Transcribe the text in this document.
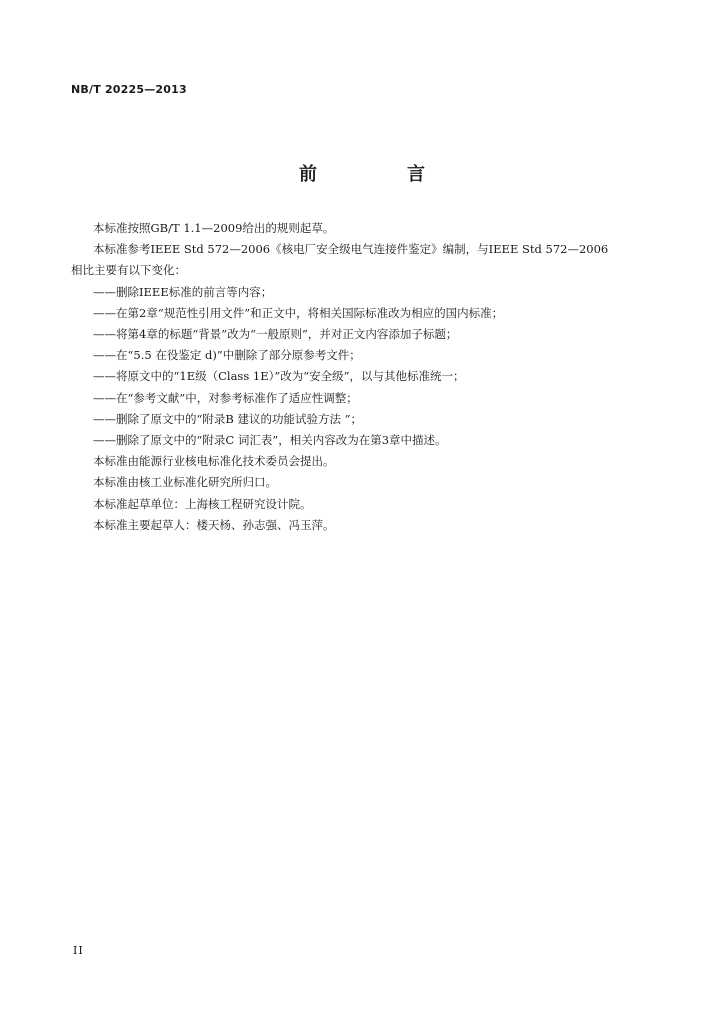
NB/T 20225—2013
前　言

本标准按照GB/T 1.1—2009给出的规则起草。

本标准参考IEEE Std 572—2006《核电厂安全级电气连接件鉴定》编制，与IEEE Std 572—2006

相比主要有以下变化：

——删除IEEE标准的前言等内容；

——在第2章“规范性引用文件”和正文中，将相关国际标准改为相应的国内标准；

——将第4章的标题“背景”改为“一般原则”，并对正文内容添加子标题；

——在“5.5 在役鉴定 d)”中删除了部分原参考文件；

——将原文中的“1E级（Class 1E）”改为“安全级”，以与其他标准统一；

——在“参考文献”中，对参考标准作了适应性调整；

——删除了原文中的“附录B 建议的功能试验方法 ”；

——删除了原文中的“附录C 词汇表”，相关内容改为在第3章中描述。

本标准由能源行业核电标准化技术委员会提出。

本标准由核工业标准化研究所归口。

本标准起草单位：上海核工程研究设计院。

本标准主要起草人：楼天杨、孙志强、冯玉萍。

II
